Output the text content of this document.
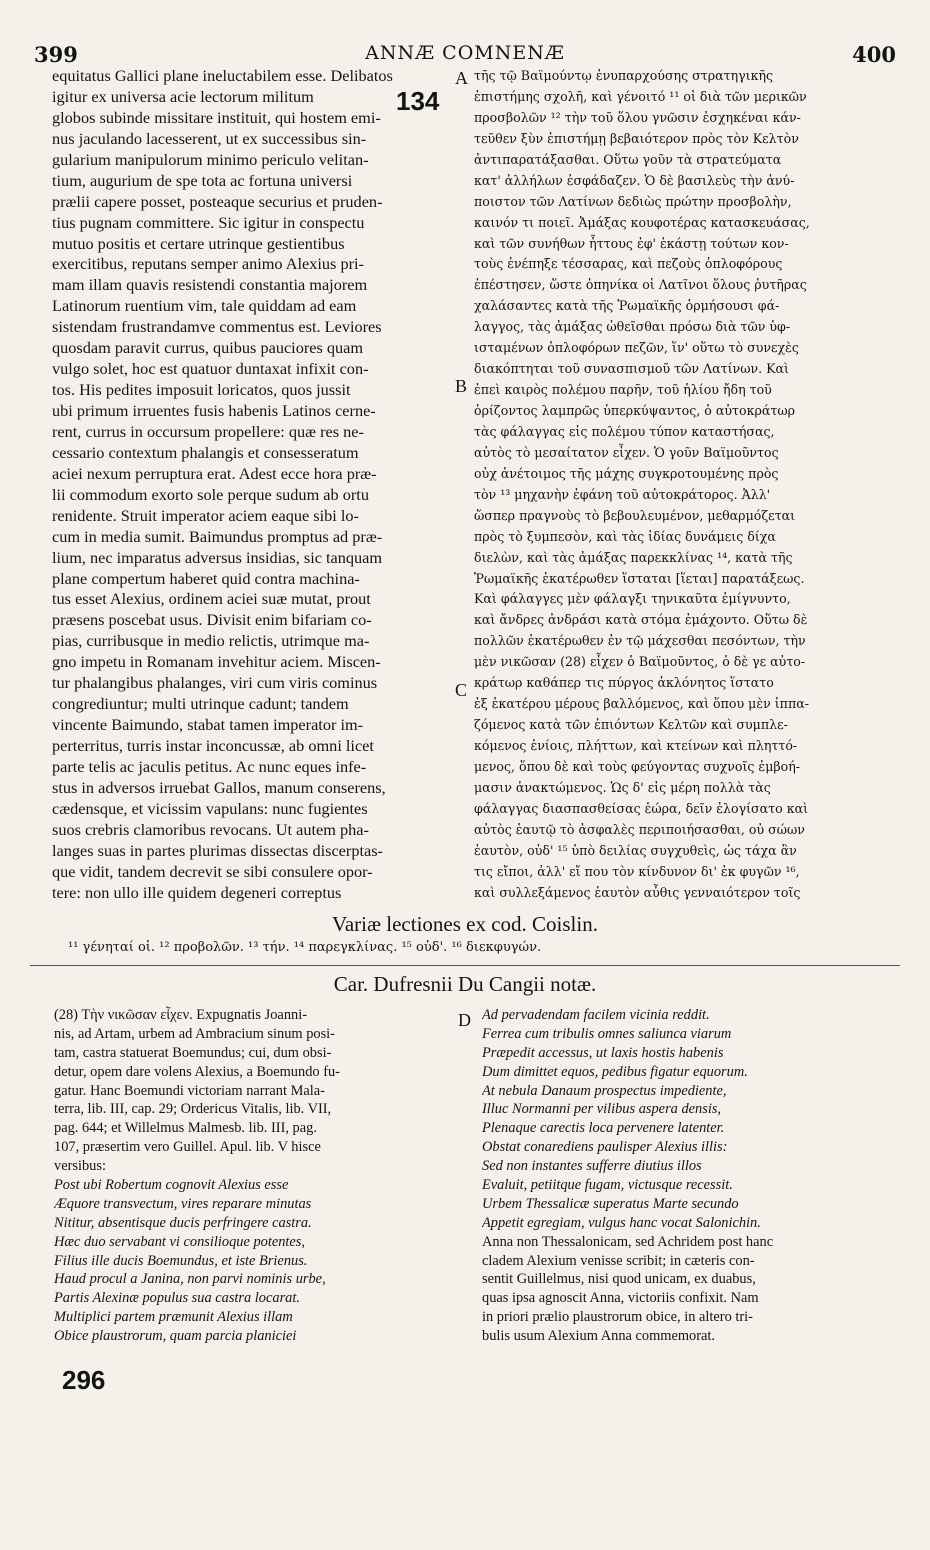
399	ANNÆ COMNENÆ	400
equitatus Gallici plane ineluctabilem esse. Delibatos
igitur ex universa acie lectorum militum
globos subinde missitare instituit, qui hostem emi-
nus jaculando lacesserent, ut ex successibus sin-
gularium manipulorum minimo periculo velitan-
tium, augurium de spe tota ac fortuna universi
prælii capere posset, posteaque securius et pruden-
tius pugnam committere. Sic igitur in conspectu
mutuo positis et certare utrinque gestientibus
exercitibus, reputans semper animo Alexius pri-
mam illam quavis resistendi constantia majorem
Latinorum ruentium vim, tale quiddam ad eam
sistendam frustrandamve commentus est. Leviores
quosdam paravit currus, quibus pauciores quam
vulgo solet, hoc est quatuor duntaxat infixit con-
tos. His pedites imposuit loricatos, quos jussit
ubi primum irruentes fusis habenis Latinos cerne-
rent, currus in occursum propellere: quæ res ne-
cessario contextum phalangis et consesseratum
aciei nexum perruptura erat. Adest ecce hora præ-
lii commodum exorto sole perque sudum ab ortu
renidente. Struit imperator aciem eaque sibi lo-
cum in media sumit. Baimundus promptus ad præ-
lium, nec imparatus adversus insidias, sic tanquam
plane compertum haberet quid contra machina-
tus esset Alexius, ordinem aciei suæ mutat, prout
præsens poscebat usus. Divisit enim bifariam co-
pias, curribusque in medio relictis, utrimque ma-
gno impetu in Romanam invehitur aciem. Miscen-
tur phalangibus phalanges, viri cum viris cominus
congrediuntur; multi utrinque cadunt; tandem
vincente Baimundo, stabat tamen imperator im-
perterritus, turris instar inconcussæ, ab omni licet
parte telis ac jaculis petitus. Ac nunc eques infe-
stus in adversos irruebat Gallos, manum conserens,
cædensque, et vicissim vapulans: nunc fugientes
suos crebris clamoribus revocans. Ut autem pha-
langes suas in partes plurimas dissectas discerptas-
que vidit, tandem decrevit se sibi consulere opor-
tere: non ullo ille quidem degeneri correptus
τῆς τῷ Βαϊμούντῳ ἐνυπαρχούσης στρατηγικῆς
ἐπιστήμης σχολῆ, καὶ γένοιτό ¹¹ οἱ διὰ τῶν μερικῶν
προσβολῶν ¹² τὴν τοῦ ὅλου γνῶσιν ἐσχηκέναι κάν-
τεῦθεν ξὺν ἐπιστήμῃ βεβαιότερον πρὸς τὸν Κελτὸν
ἀντιπαρατάξασθαι. Οὕτω γοῦν τὰ στρατεύματα
κατ' ἀλλήλων ἐσφάδαζεν. Ὁ δὲ βασιλεὺς τὴν ἀνύ-
ποιστον τῶν Λατίνων δεδιὼς πρώτην προσβολὴν,
καινόν τι ποιεῖ. Ἀμάξας κουφοτέρας κατασκευάσας,
καὶ τῶν συνήθων ἧττους ἐφ' ἑκάστῃ τούτων κον-
τοὺς ἐνέπηξε τέσσαρας, καὶ πεζοὺς ὁπλοφόρους
ἐπέστησεν, ὥστε ὁπηνίκα οἱ Λατῖνοι ὅλους ῥυτῆρας
χαλάσαντες κατὰ τῆς Ῥωμαϊκῆς ὁρμήσουσι φά-
λαγγος, τὰς ἀμάξας ὠθεῖσθαι πρόσω διὰ τῶν ὑφ-
ισταμένων ὁπλοφόρων πεζῶν, ἵν' οὕτω τὸ συνεχὲς
διακόπτηται τοῦ συνασπισμοῦ τῶν Λατίνων. Καὶ
ἐπεὶ καιρὸς πολέμου παρῆν, τοῦ ἡλίου ἤδη τοῦ
ὁρίζοντος λαμπρῶς ὑπερκύψαντος, ὁ αὐτοκράτωρ
τὰς φάλαγγας εἰς πολέμου τύπον καταστήσας,
αὐτὸς τὸ μεσαίτατον εἶχεν. Ὁ γοῦν Βαϊμοῦντος
οὐχ ἀνέτοιμος τῆς μάχης συγκροτουμένης πρὸς
τὸν ¹³ μηχανὴν ἐφάνη τοῦ αὐτοκράτορος. Ἀλλ'
ὥσπερ πραγνοὺς τὸ βεβουλευμένον, μεθαρμόζεται
πρὸς τὸ ξυμπεσὸν, καὶ τὰς ἰδίας δυνάμεις δίχα
διελὼν, καὶ τὰς ἀμάξας παρεκκλίνας ¹⁴, κατὰ τῆς
Ῥωμαϊκῆς ἑκατέρωθεν ἵσταται [ἵεται] παρατάξεως.
Καὶ φάλαγγες μὲν φάλαγξι τηνικαῦτα ἐμίγνυντο,
καὶ ἄνδρες ἀνδράσι κατὰ στόμα ἐμάχοντο. Οὕτω δὲ
πολλῶν ἑκατέρωθεν ἐν τῷ μάχεσθαι πεσόντων, τὴν
μὲν νικῶσαν (28) εἶχεν ὁ Βαϊμοῦντος, ὁ δὲ γε αὐτο-
κράτωρ καθάπερ τις πύργος ἀκλόνητος ἵστατο
ἐξ ἑκατέρου μέρους βαλλόμενος, καὶ ὅπου μὲν ἱππα-
ζόμενος κατὰ τῶν ἐπιόντων Κελτῶν καὶ συμπλε-
κόμενος ἐνίοις, πλήττων, καὶ κτείνων καὶ πληττό-
μενος, ὅπου δὲ καὶ τοὺς φεύγοντας συχνοῖς ἐμβοή-
μασιν ἀνακτώμενος. Ὡς δ' εἰς μέρη πολλὰ τὰς
φάλαγγας διασπασθείσας ἑώρα, δεῖν ἐλογίσατο καὶ
αὐτὸς ἑαυτῷ τὸ ἀσφαλὲς περιποιήσασθαι, οὐ σώων
ἑαυτὸν, οὐδ' ¹⁵ ὑπὸ δειλίας συγχυθεὶς, ὡς τάχα ἂν
τις εἴποι, ἀλλ' εἴ που τὸν κίνδυνον δι' ἐκ φυγῶν ¹⁶,
καὶ συλλεξάμενος ἑαυτὸν αὖθις γενναιότερον τοῖς
A
B
C
D
134
296
Variæ lectiones ex cod. Coislin.
¹¹ γένηταί οἱ. ¹² προβολῶν. ¹³ τήν. ¹⁴ παρεγκλίνας. ¹⁵ οὐδ'. ¹⁶ διεκφυγών.
Car. Dufresnii Du Cangii notæ.
(28) Τὴν νικῶσαν εἶχεν. Expugnatis Joanni-
nis, ad Artam, urbem ad Ambracium sinum posi-
tam, castra statuerat Boemundus; cui, dum obsi-
detur, opem dare volens Alexius, a Boemundo fu-
gatur. Hanc Boemundi victoriam narrant Mala-
terra, lib. III, cap. 29; Ordericus Vitalis, lib. VII,
pag. 644; et Willelmus Malmesb. lib. III, pag.
107, præsertim vero Guillel. Apul. lib. V hisce
versibus:
Post ubi Robertum cognovit Alexius esse
Æquore transvectum, vires reparare minutas
Nititur, absentisque ducis perfringere castra.
Hæc duo servabant vi consilioque potentes,
Filius ille ducis Boemundus, et iste Brienus.
Haud procul a Janina, non parvi nominis urbe,
Partis Alexinæ populus sua castra locarat.
Multiplici partem præmunit Alexius illam
Obice plaustrorum, quam parcia planiciei
Ad pervadendam facilem vicinia reddit.
Ferrea cum tribulis omnes saliunca viarum
Præpedit accessus, ut laxis hostis habenis
Dum dimittet equos, pedibus figatur equorum.
At nebula Danaum prospectus impediente,
Illuc Normanni per vilibus aspera densis,
Plenaque carectis loca pervenere latenter.
Obstat conarediens paulisper Alexius illis:
Sed non instantes sufferre diutius illos
Evaluit, petiitque fugam, victusque recessit.
Urbem Thessalicæ superatus Marte secundo
Appetit egregiam, vulgus hanc vocat Salonichin.
Anna non Thessalonicam, sed Achridem post hanc
cladem Alexium venisse scribit; in cæteris con-
sentit Guillelmus, nisi quod unicam, ex duabus,
quas ipsa agnoscit Anna, victoriis confixit. Nam
in priori prælio plaustrorum obice, in altero tri-
bulis usum Alexium Anna commemorat.
